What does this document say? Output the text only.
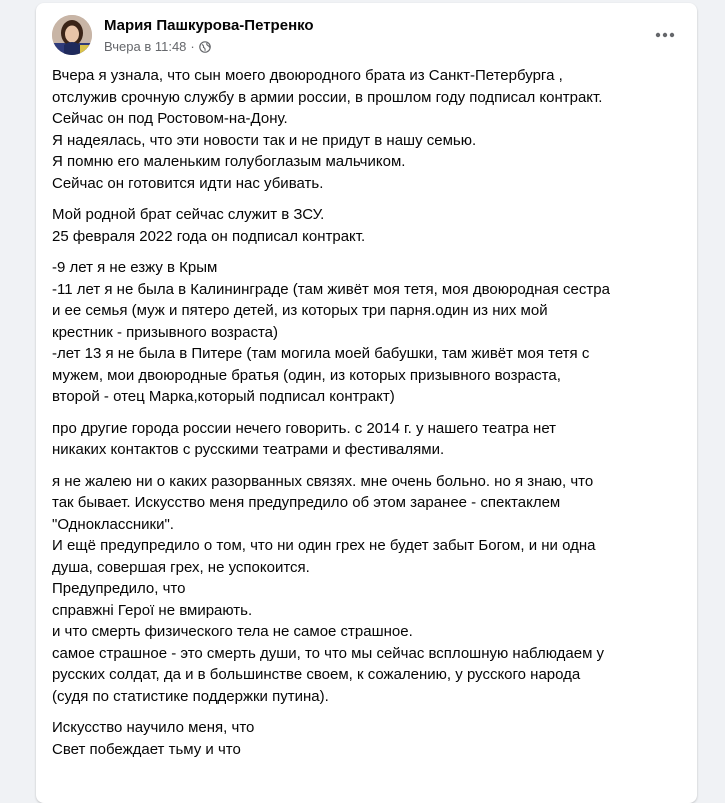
Мария Пашкурова-Петренко
Вчера в 11:48 ·
Вчера я узнала, что сын моего двоюродного брата из Санкт-Петербурга ,
отслужив срочную службу в армии россии, в прошлом году подписал контракт.
Сейчас он под Ростовом-на-Дону.
Я надеялась, что эти новости так и не придут в нашу семью.
Я помню его маленьким голубоглазым мальчиком.
Сейчас он готовится идти нас убивать.
Мой родной брат сейчас служит в ЗСУ.
25 февраля 2022 года он подписал контракт.
-9 лет я не езжу в Крым
-11 лет я не была в Калининграде (там живёт моя тетя, моя двоюродная сестра
и ее семья (муж и пятеро детей, из которых три парня.один из них мой
крестник - призывного возраста)
-лет 13 я не была в Питере (там могила моей бабушки, там живёт моя тетя с
мужем, мои двоюродные братья (один, из которых призывного возраста,
второй - отец Марка,который подписал контракт)
про другие города россии нечего говорить. с 2014 г. у нашего театра нет
никаких контактов с русскими театрами и фестивалями.
я не жалею ни о каких разорванных связях. мне очень больно. но я знаю, что
так бывает. Искусство меня предупредило об этом заранее - спектаклем
"Одноклассники".
И ещё предупредило о том, что ни один грех не будет забыт Богом, и ни одна
душа, совершая грех, не успокоится.
Предупредило, что
справжні Герої не вмирають.
и что смерть физического тела не самое страшное.
самое страшное - это смерть души, то что мы сейчас всплошную наблюдаем у
русских солдат, да и в большинстве своем, к сожалению, у русского народа
(судя по статистике поддержки путина).
Искусство научило меня, что
Свет побеждает тьму и что
